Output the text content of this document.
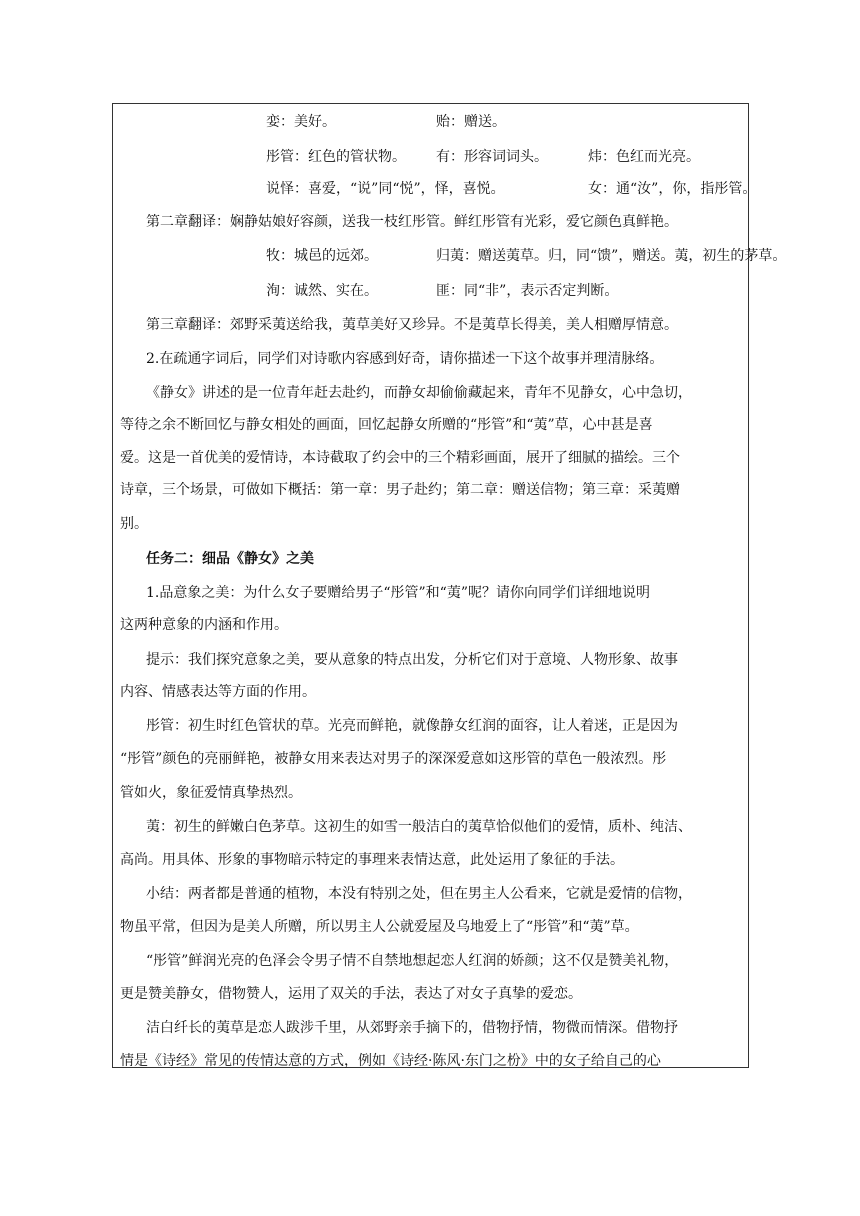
娈：美好。	贻：赠送。
彤管：红色的管状物。 有：形容词词头。	炜：色红而光亮。
说怿：喜爱，“说”同“悦”，怿，喜悦。	女：通“汝”，你，指彤管。
第二章翻译：娴静姑娘好容颜，送我一枝红彤管。鲜红彤管有光彩，爱它颜色真鲜艳。
牧：城邑的远郊。	归荑：赠送荑草。归，同“馈”，赠送。荑，初生的茅草。
洵：诚然、实在。	匪：同“非”，表示否定判断。
第三章翻译：郊野采荑送给我，荑草美好又珍异。不是荑草长得美，美人相赠厚情意。
2.在疏通字词后，同学们对诗歌内容感到好奇，请你描述一下这个故事并理清脉络。
《静女》讲述的是一位青年赶去赴约，而静女却偷偷藏起来，青年不见静女，心中急切，
等待之余不断回忆与静女相处的画面，回忆起静女所赠的“彤管”和“荑”草，心中甚是喜
爱。这是一首优美的爱情诗，本诗截取了约会中的三个精彩画面，展开了细腻的描绘。三个
诗章，三个场景，可做如下概括：第一章：男子赴约；第二章：赠送信物；第三章：采荑赠
别。
任务二：细品《静女》之美
1.品意象之美：为什么女子要赠给男子“彤管”和“荑”呢？请你向同学们详细地说明
这两种意象的内涵和作用。
提示：我们探究意象之美，要从意象的特点出发，分析它们对于意境、人物形象、故事
内容、情感表达等方面的作用。
彤管：初生时红色管状的草。光亮而鲜艳，就像静女红润的面容，让人着迷，正是因为
“彤管”颜色的亮丽鲜艳，被静女用来表达对男子的深深爱意如这彤管的草色一般浓烈。彤
管如火，象征爱情真挚热烈。
荑：初生的鲜嫩白色茅草。这初生的如雪一般洁白的荑草恰似他们的爱情，质朴、纯洁、
高尚。用具体、形象的事物暗示特定的事理来表情达意，此处运用了象征的手法。
小结：两者都是普通的植物，本没有特别之处，但在男主人公看来，它就是爱情的信物，
物虽平常，但因为是美人所赠，所以男主人公就爱屋及乌地爱上了“彤管”和“荑”草。
“彤管”鲜润光亮的色泽会令男子情不自禁地想起恋人红润的娇颜；这不仅是赞美礼物，
更是赞美静女，借物赞人，运用了双关的手法，表达了对女子真挚的爱恋。
洁白纤长的荑草是恋人跋涉千里，从郊野亲手摘下的，借物抒情，物微而情深。借物抒
情是《诗经》常见的传情达意的方式，例如《诗经·陈风·东门之枌》中的女子给自己的心
